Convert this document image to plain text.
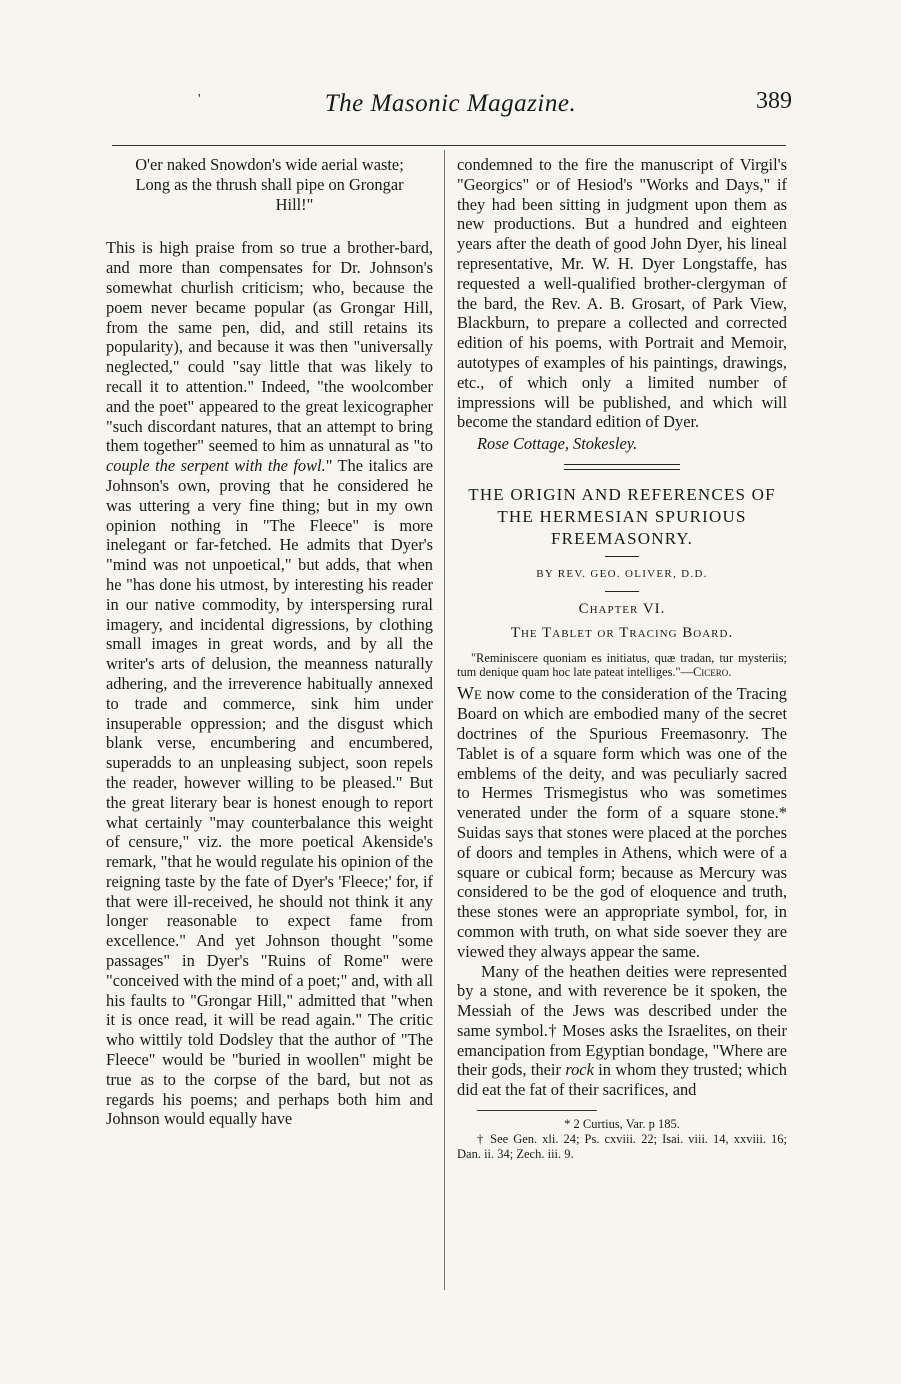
'	The Masonic Magazine.	389
O'er naked Snowdon's wide aerial waste;
Long as the thrush shall pipe on Grongar
Hill!"

This is high praise from so true a brother-bard, and more than compensates for Dr. Johnson's somewhat churlish criticism; who, because the poem never became popular (as Grongar Hill, from the same pen, did, and still retains its popularity), and because it was then "universally neglected," could "say little that was likely to recall it to attention." Indeed, "the woolcomber and the poet" appeared to the great lexicographer "such discordant natures, that an attempt to bring them together" seemed to him as unnatural as "to couple the serpent with the fowl." The italics are Johnson's own, proving that he considered he was uttering a very fine thing; but in my own opinion nothing in "The Fleece" is more inelegant or far-fetched. He admits that Dyer's "mind was not unpoetical," but adds, that when he "has done his utmost, by interesting his reader in our native commodity, by interspersing rural imagery, and incidental digressions, by clothing small images in great words, and by all the writer's arts of delusion, the meanness naturally adhering, and the irreverence habitually annexed to trade and commerce, sink him under insuperable oppression; and the disgust which blank verse, encumbering and encumbered, superadds to an unpleasing subject, soon repels the reader, however willing to be pleased." But the great literary bear is honest enough to report what certainly "may counterbalance this weight of censure," viz. the more poetical Akenside's remark, "that he would regulate his opinion of the reigning taste by the fate of Dyer's 'Fleece;' for, if that were ill-received, he should not think it any longer reasonable to expect fame from excellence." And yet Johnson thought "some passages" in Dyer's "Ruins of Rome" were "conceived with the mind of a poet;" and, with all his faults to "Grongar Hill," admitted that "when it is once read, it will be read again." The critic who wittily told Dodsley that the author of "The Fleece" would be "buried in woollen" might be true as to the corpse of the bard, but not as regards his poems; and perhaps both him and Johnson would equally have

condemned to the fire the manuscript of Virgil's "Georgics" or of Hesiod's "Works and Days," if they had been sitting in judgment upon them as new productions. But a hundred and eighteen years after the death of good John Dyer, his lineal representative, Mr. W. H. Dyer Longstaffe, has requested a well-qualified brother-clergyman of the bard, the Rev. A. B. Grosart, of Park View, Blackburn, to prepare a collected and corrected edition of his poems, with Portrait and Memoir, autotypes of examples of his paintings, drawings, etc., of which only a limited number of impressions will be published, and which will become the standard edition of Dyer.

Rose Cottage, Stokesley.

THE ORIGIN AND REFERENCES OF
THE HERMESIAN SPURIOUS
FREEMASONRY.
BY REV. GEO. OLIVER, D.D.
Chapter VI.
The Tablet or Tracing Board.
"Reminiscere quoniam es initiatus, quæ tradan, tur mysteriis; tum denique quam hoc late pateat intelliges."—Cicero.

We now come to the consideration of the Tracing Board on which are embodied many of the secret doctrines of the Spurious Freemasonry. The Tablet is of a square form which was one of the emblems of the deity, and was peculiarly sacred to Hermes Trismegistus who was sometimes venerated under the form of a square stone.* Suidas says that stones were placed at the porches of doors and temples in Athens, which were of a square or cubical form; because as Mercury was considered to be the god of eloquence and truth, these stones were an appropriate symbol, for, in common with truth, on what side soever they are viewed they always appear the same.

Many of the heathen deities were represented by a stone, and with reverence be it spoken, the Messiah of the Jews was described under the same symbol.† Moses asks the Israelites, on their emancipation from Egyptian bondage, "Where are their gods, their rock in whom they trusted; which did eat the fat of their sacrifices, and

* 2 Curtius, Var. p 185.
† See Gen. xli. 24; Ps. cxviii. 22; Isai. viii. 14, xxviii. 16; Dan. ii. 34; Zech. iii. 9.
